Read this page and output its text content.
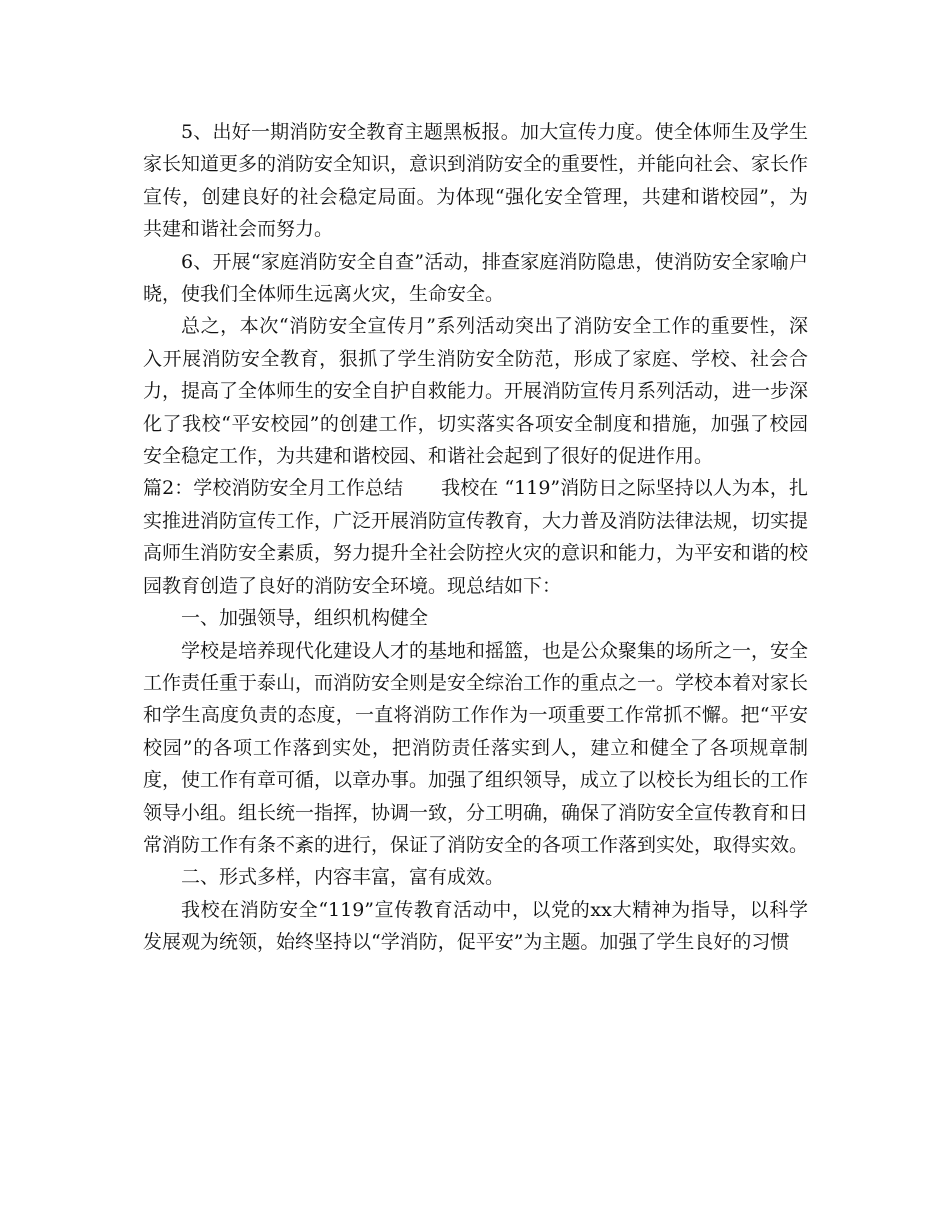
5、出好一期消防安全教育主题黑板报。加大宣传力度。使全体师生及学生家长知道更多的消防安全知识，意识到消防安全的重要性，并能向社会、家长作宣传，创建良好的社会稳定局面。为体现“强化安全管理，共建和谐校园”，为共建和谐社会而努力。

6、开展“家庭消防安全自查”活动，排查家庭消防隐患，使消防安全家喻户晓，使我们全体师生远离火灾，生命安全。

总之，本次“消防安全宣传月”系列活动突出了消防安全工作的重要性，深入开展消防安全教育，狠抓了学生消防安全防范，形成了家庭、学校、社会合力，提高了全体师生的安全自护自救能力。开展消防宣传月系列活动，进一步深化了我校“平安校园”的创建工作，切实落实各项安全制度和措施，加强了校园安全稳定工作，为共建和谐校园、和谐社会起到了很好的促进作用。

篇2：学校消防安全月工作总结　　我校在 “119”消防日之际坚持以人为本，扎实推进消防宣传工作，广泛开展消防宣传教育，大力普及消防法律法规，切实提高师生消防安全素质，努力提升全社会防控火灾的意识和能力，为平安和谐的校园教育创造了良好的消防安全环境。现总结如下：

一、加强领导，组织机构健全

学校是培养现代化建设人才的基地和摇篮，也是公众聚集的场所之一，安全工作责任重于泰山，而消防安全则是安全综治工作的重点之一。学校本着对家长和学生高度负责的态度，一直将消防工作作为一项重要工作常抓不懈。把“平安校园”的各项工作落到实处，把消防责任落实到人，建立和健全了各项规章制度，使工作有章可循，以章办事。加强了组织领导，成立了以校长为组长的工作领导小组。组长统一指挥，协调一致，分工明确，确保了消防安全宣传教育和日常消防工作有条不紊的进行，保证了消防安全的各项工作落到实处，取得实效。

二、形式多样，内容丰富，富有成效。

我校在消防安全“119”宣传教育活动中，以党的xx大精神为指导，以科学发展观为统领，始终坚持以“学消防，促平安”为主题。加强了学生良好的习惯
